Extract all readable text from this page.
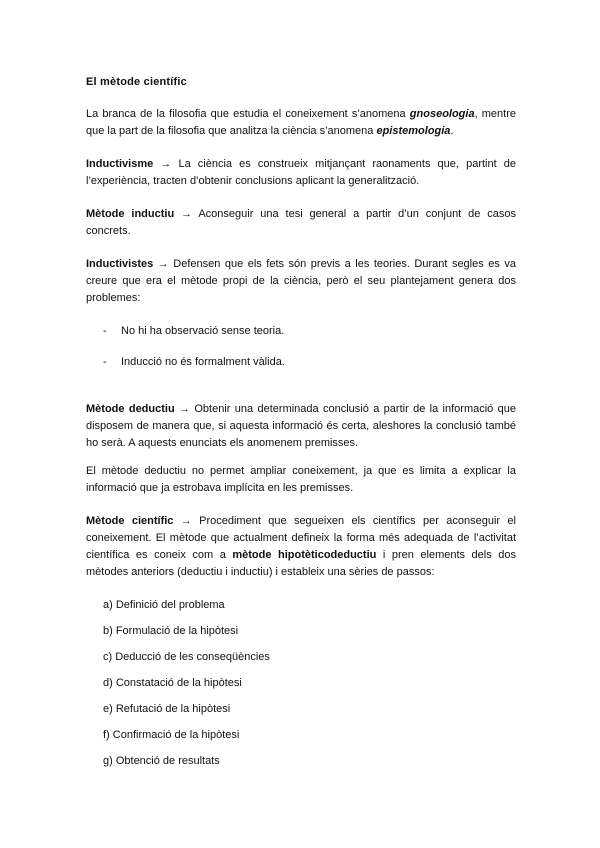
El mètode científic

La branca de la filosofia que estudia el coneixement s’anomena gnoseologia, mentre que la part de la filosofia que analitza la ciència s’anomena epistemologia.

Inductivisme → La ciència es construeix mitjançant raonaments que, partint de l’experiència, tracten d’obtenir conclusions aplicant la generalització.

Mètode inductiu → Aconseguir una tesi general a partir d’un conjunt de casos concrets.

Inductivistes → Defensen que els fets són previs a les teories. Durant segles es va creure que era el mètode propi de la ciència, però el seu plantejament genera dos problemes:

- No hi ha observació sense teoria.
- Inducció no és formalment vàlida.

Mètode deductiu → Obtenir una determinada conclusió a partir de la informació que disposem de manera que, si aquesta informació és certa, aleshores la conclusió també ho serà. A aquests enunciats els anomenem premisses.

El mètode deductiu no permet ampliar coneixement, ja que es limita a explicar la informació que ja estrobava implícita en les premisses.

Mètode científic → Procediment que segueixen els científics per aconseguir el coneixement. El mètode que actualment defineix la forma més adequada de l’activitat científica es coneix com a mètode hipotèticodeductiu i pren elements dels dos mètodes anteriors (deductiu i inductiu) i estableix una sèries de passos:

a) Definició del problema
b) Formulació de la hipòtesi
c) Deducció de les conseqüències
d) Constatació de la hipòtesi
e) Refutació de la hipòtesi
f) Confirmació de la hipòtesi
g) Obtenció de resultats
